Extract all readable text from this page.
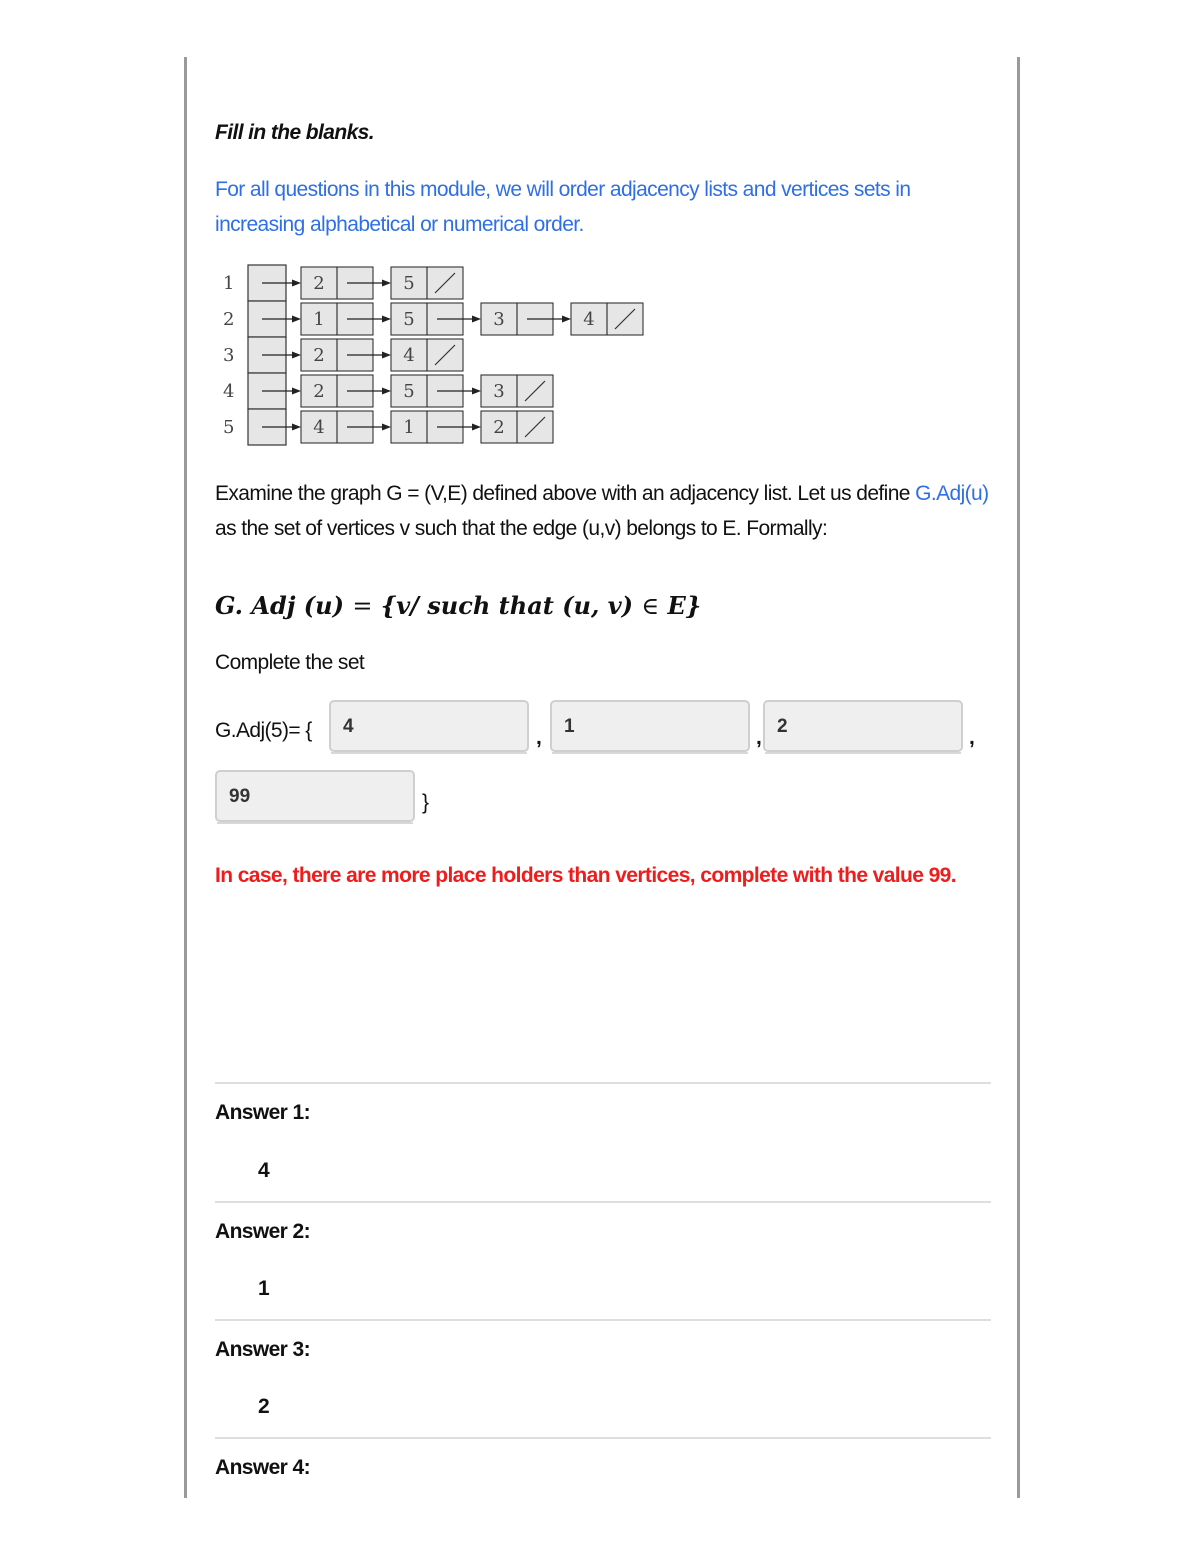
Fill in the blanks.
For all questions in this module, we will order adjacency lists and vertices sets in increasing alphabetical or numerical order.
1	2	5
2	1	5	3	4
3	2	4
4	2	5	3
5	4	1	2
Examine the graph G = (V,E) defined above with an adjacency list. Let us define G.Adj(u) as the set of vertices v such that the edge (u,v) belongs to E. Formally:
G. Adj (u) = {v/ such that (u, v) ∈ E}
Complete the set
G.Adj(5)= {	4	,	1	, 2	,
99	}
In case, there are more place holders than vertices, complete with the value 99.
Answer 1:
4
Answer 2:
1
Answer 3:
2
Answer 4:
